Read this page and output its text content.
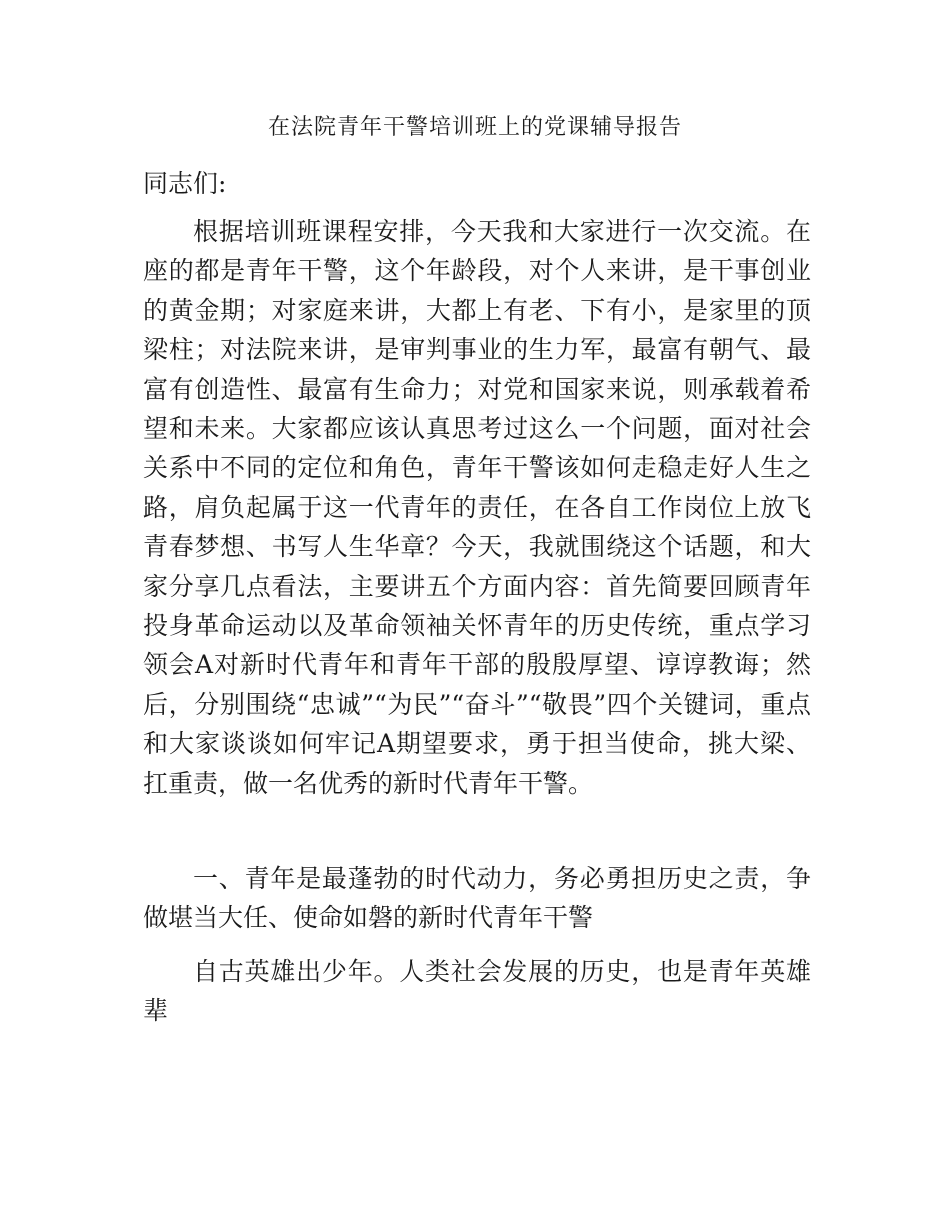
在法院青年干警培训班上的党课辅导报告

同志们:

根据培训班课程安排，今天我和大家进行一次交流。在座的都是青年干警，这个年龄段，对个人来讲，是干事创业的黄金期；对家庭来讲，大都上有老、下有小，是家里的顶梁柱；对法院来讲，是审判事业的生力军，最富有朝气、最富有创造性、最富有生命力；对党和国家来说，则承载着希望和未来。大家都应该认真思考过这么一个问题，面对社会关系中不同的定位和角色，青年干警该如何走稳走好人生之路，肩负起属于这一代青年的责任，在各自工作岗位上放飞青春梦想、书写人生华章？今天，我就围绕这个话题，和大家分享几点看法，主要讲五个方面内容：首先简要回顾青年投身革命运动以及革命领袖关怀青年的历史传统，重点学习领会A对新时代青年和青年干部的殷殷厚望、谆谆教诲；然后，分别围绕“忠诚”“为民”“奋斗”“敬畏”四个关键词，重点和大家谈谈如何牢记A期望要求，勇于担当使命，挑大梁、扛重责，做一名优秀的新时代青年干警。

一、青年是最蓬勃的时代动力，务必勇担历史之责，争做堪当大任、使命如磐的新时代青年干警

自古英雄出少年。人类社会发展的历史，也是青年英雄辈
